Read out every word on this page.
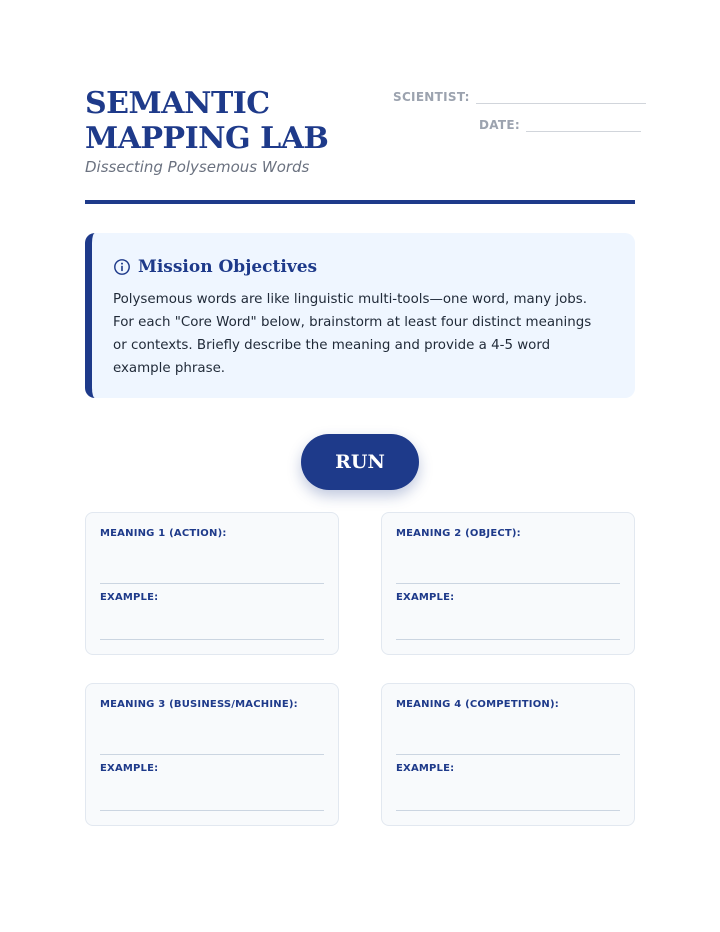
SEMANTIC MAPPING LAB
Dissecting Polysemous Words
SCIENTIST:
DATE:
Mission Objectives

Polysemous words are like linguistic multi-tools—one word, many jobs. For each "Core Word" below, brainstorm at least four distinct meanings or contexts. Briefly describe the meaning and provide a 4-5 word example phrase.

RUN
MEANING 1 (ACTION):
EXAMPLE:
MEANING 2 (OBJECT):
EXAMPLE:
MEANING 3 (BUSINESS/MACHINE):
EXAMPLE:
MEANING 4 (COMPETITION):
EXAMPLE:
